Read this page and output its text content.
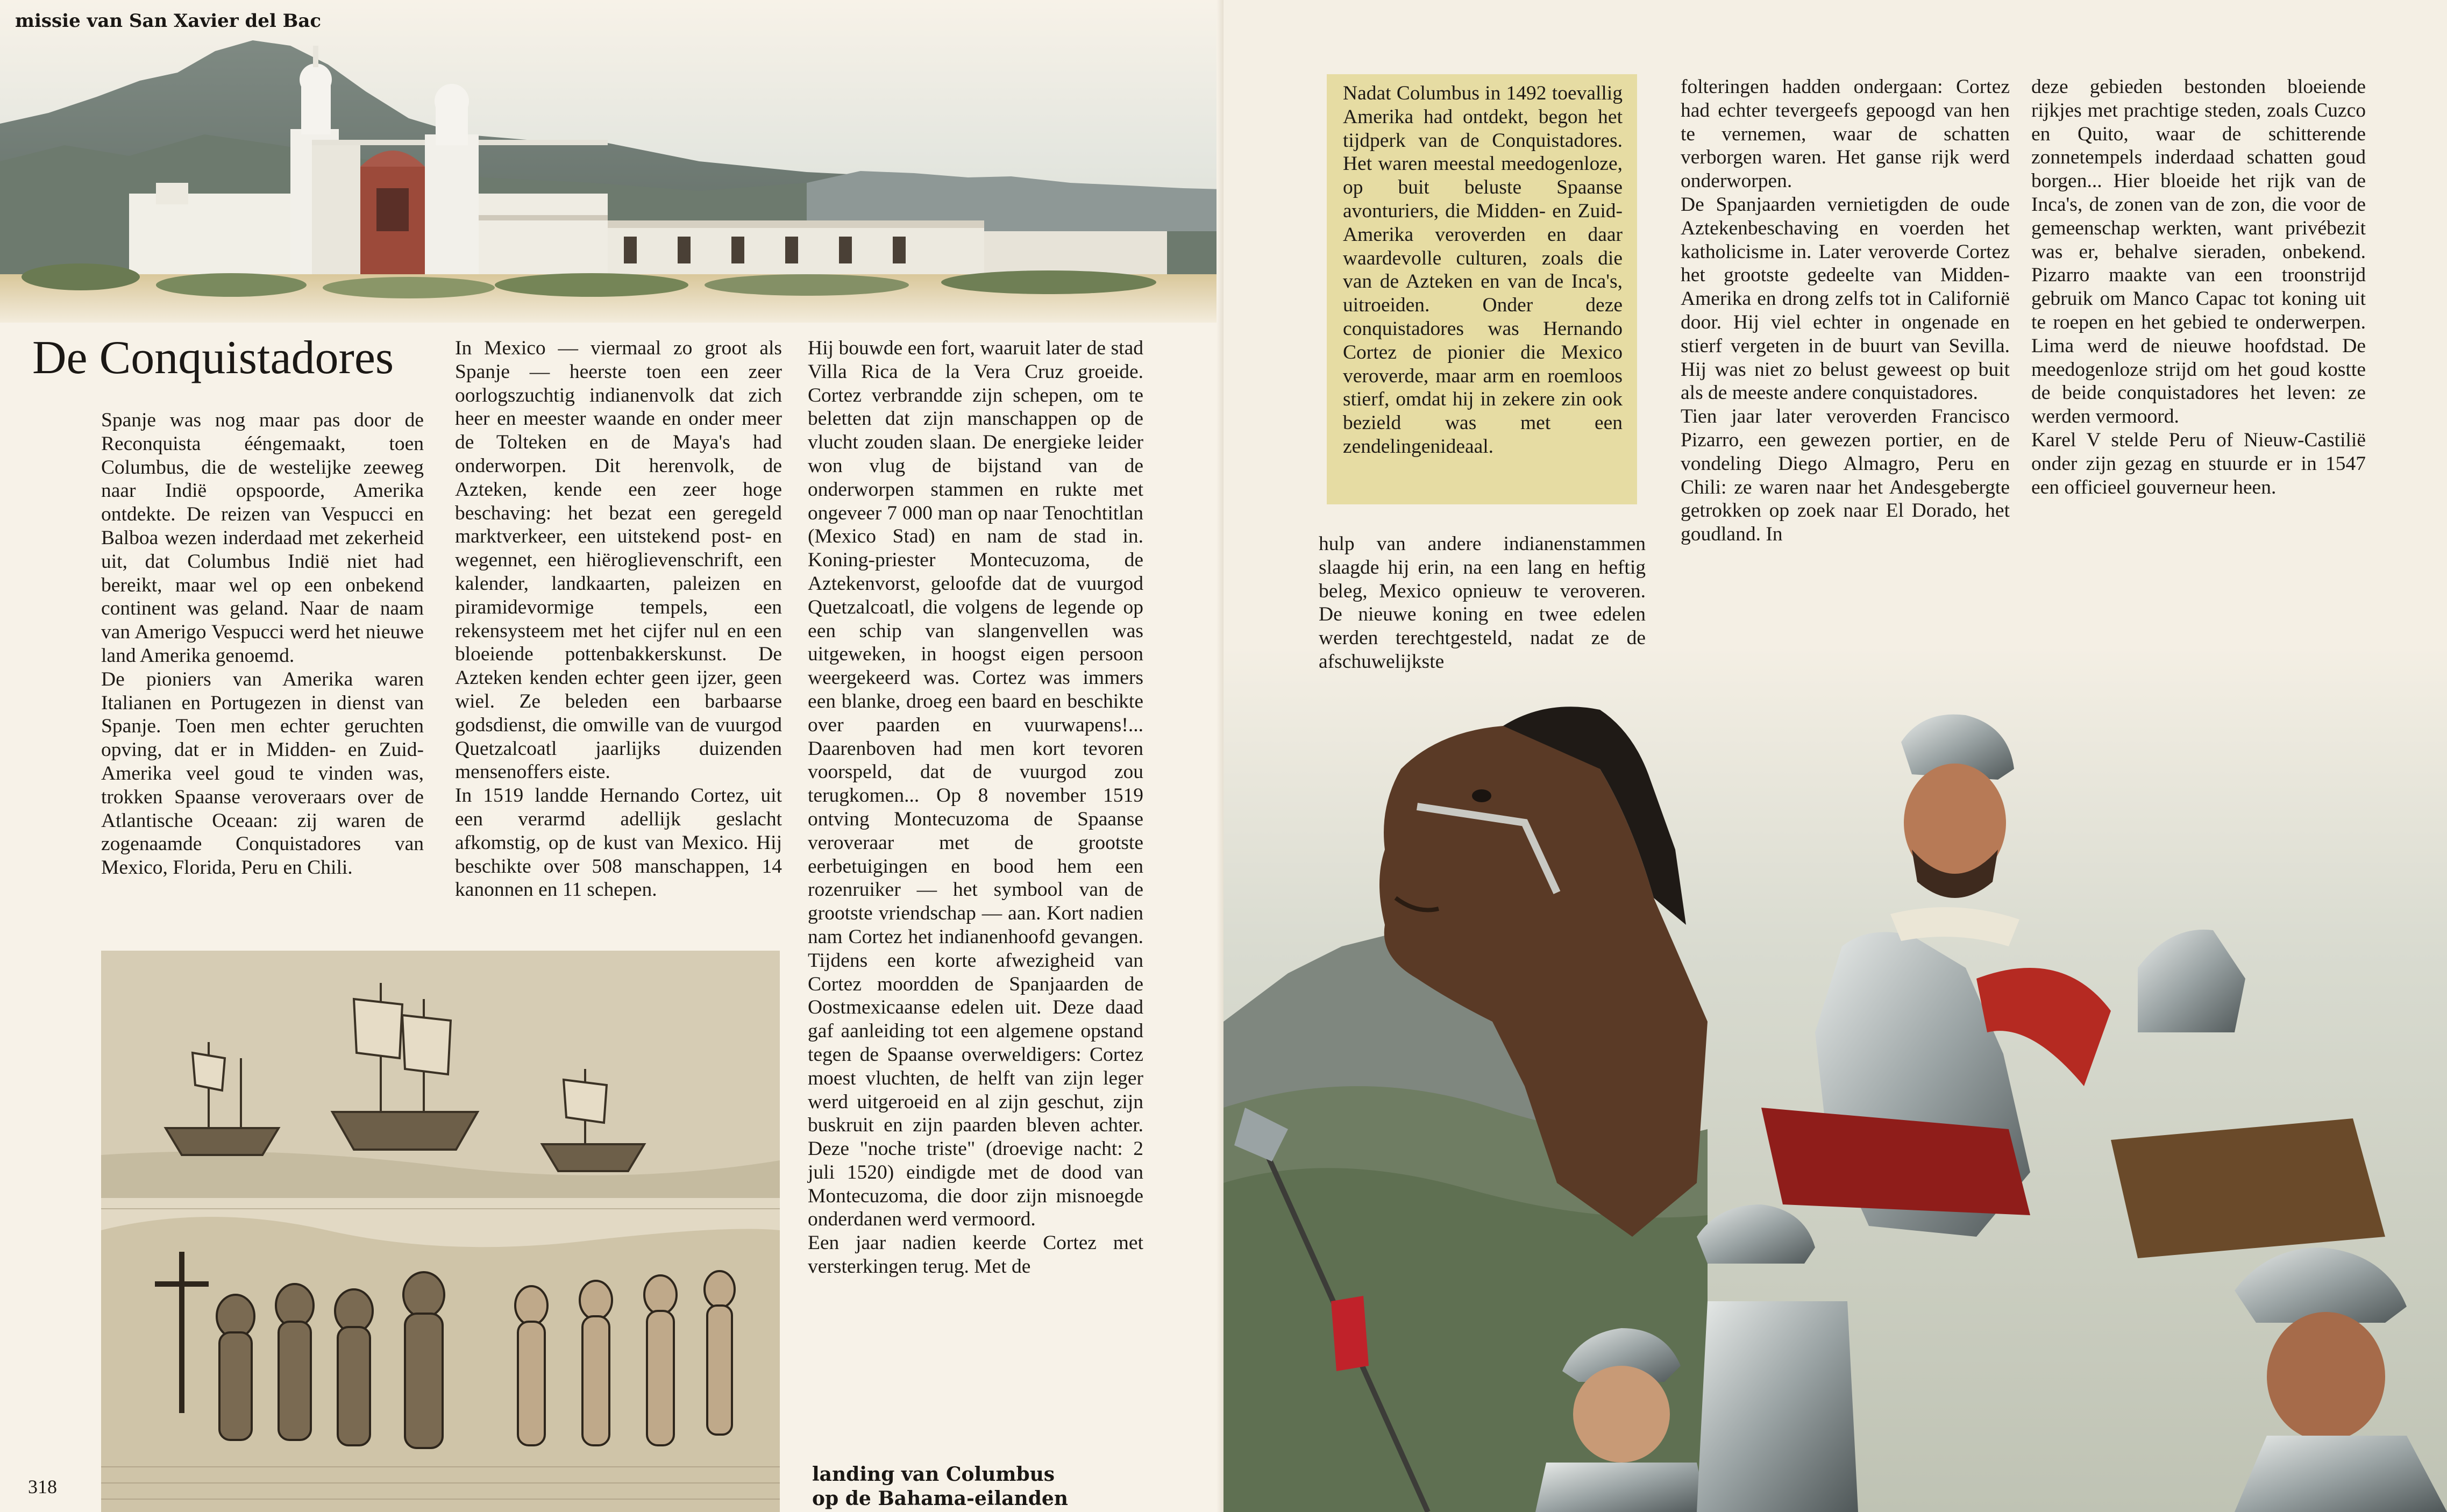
missie van San Xavier del Bac
De Conquistadores

Spanje was nog maar pas door de Reconquista ééngemaakt, toen Columbus, die de westelijke zeeweg naar Indië opspoorde, Amerika ontdekte. De reizen van Vespucci en Balboa wezen inderdaad met zekerheid uit, dat Columbus Indië niet had bereikt, maar wel op een onbekend continent was geland. Naar de naam van Amerigo Vespucci werd het nieuwe land Amerika genoemd.

De pioniers van Amerika waren Italianen en Portugezen in dienst van Spanje. Toen men echter geruchten opving, dat er in Midden- en Zuid-Amerika veel goud te vinden was, trokken Spaanse veroveraars over de Atlantische Oceaan: zij waren de zogenaamde Conquistadores van Mexico, Florida, Peru en Chili.

In Mexico — viermaal zo groot als Spanje — heerste toen een zeer oorlogszuchtig indianenvolk dat zich heer en meester waande en onder meer de Tolteken en de Maya's had onderworpen. Dit herenvolk, de Azteken, kende een zeer hoge beschaving: het bezat een geregeld marktverkeer, een uitstekend post- en wegennet, een hiëroglievenschrift, een kalender, landkaarten, paleizen en piramidevormige tempels, een rekensysteem met het cijfer nul en een bloeiende pottenbakkerskunst. De Azteken kenden echter geen ijzer, geen wiel. Ze beleden een barbaarse godsdienst, die omwille van de vuurgod Quetzalcoatl jaarlijks duizenden mensenoffers eiste.

In 1519 landde Hernando Cortez, uit een verarmd adellijk geslacht afkomstig, op de kust van Mexico. Hij beschikte over 508 manschappen, 14 kanonnen en 11 schepen.

Hij bouwde een fort, waaruit later de stad Villa Rica de la Vera Cruz groeide. Cortez verbrandde zijn schepen, om te beletten dat zijn manschappen op de vlucht zouden slaan. De energieke leider won vlug de bijstand van de onderworpen stammen en rukte met ongeveer 7 000 man op naar Tenochtitlan (Mexico Stad) en nam de stad in. Koning-priester Montecuzoma, de Aztekenvorst, geloofde dat de vuurgod Quetzalcoatl, die volgens de legende op een schip van slangenvellen was uitgeweken, in hoogst eigen persoon weergekeerd was. Cortez was immers een blanke, droeg een baard en beschikte over paarden en vuurwapens!... Daarenboven had men kort tevoren voorspeld, dat de vuurgod zou terugkomen... Op 8 november 1519 ontving Montecuzoma de Spaanse veroveraar met de grootste eerbetuigingen en bood hem een rozenruiker — het symbool van de grootste vriendschap — aan. Kort nadien nam Cortez het indianenhoofd gevangen. Tijdens een korte afwezigheid van Cortez moordden de Spanjaarden de Oostmexicaanse edelen uit. Deze daad gaf aanleiding tot een algemene opstand tegen de Spaanse overweldigers: Cortez moest vluchten, de helft van zijn leger werd uitgeroeid en al zijn geschut, zijn buskruit en zijn paarden bleven achter. Deze "noche triste" (droevige nacht: 2 juli 1520) eindigde met de dood van Montecuzoma, die door zijn misnoegde onderdanen werd vermoord.

Een jaar nadien keerde Cortez met versterkingen terug. Met de

landing van Columbus
op de Bahama-eilanden
318

Nadat Columbus in 1492 toevallig Amerika had ontdekt, begon het tijdperk van de Conquistadores. Het waren meestal meedogenloze, op buit beluste Spaanse avonturiers, die Midden- en Zuid-Amerika veroverden en daar waardevolle culturen, zoals die van de Azteken en van de Inca's, uitroeiden. Onder deze conquistadores was Hernando Cortez de pionier die Mexico veroverde, maar arm en roemloos stierf, omdat hij in zekere zin ook bezield was met een zendelingenideaal.

hulp van andere indianenstammen slaagde hij erin, na een lang en heftig beleg, Mexico opnieuw te veroveren. De nieuwe koning en twee edelen werden terechtgesteld, nadat ze de afschuwelijkste

folteringen hadden ondergaan: Cortez had echter tevergeefs gepoogd van hen te vernemen, waar de schatten verborgen waren. Het ganse rijk werd onderworpen.

De Spanjaarden vernietigden de oude Aztekenbeschaving en voerden het katholicisme in. Later veroverde Cortez het grootste gedeelte van Midden-Amerika en drong zelfs tot in Californië door. Hij viel echter in ongenade en stierf vergeten in de buurt van Sevilla. Hij was niet zo belust geweest op buit als de meeste andere conquistadores.

Tien jaar later veroverden Francisco Pizarro, een gewezen portier, en de vondeling Diego Almagro, Peru en Chili: ze waren naar het Andesgebergte getrokken op zoek naar El Dorado, het goudland. In

deze gebieden bestonden bloeiende rijkjes met prachtige steden, zoals Cuzco en Quito, waar de schitterende zonnetempels inderdaad schatten goud borgen... Hier bloeide het rijk van de Inca's, de zonen van de zon, die voor de gemeenschap werkten, want privébezit was er, behalve sieraden, onbekend. Pizarro maakte van een troonstrijd gebruik om Manco Capac tot koning uit te roepen en het gebied te onderwerpen. Lima werd de nieuwe hoofdstad. De meedogenloze strijd om het goud kostte de beide conquistadores het leven: ze werden vermoord.

Karel V stelde Peru of Nieuw-Castilië onder zijn gezag en stuurde er in 1547 een officieel gouverneur heen.
